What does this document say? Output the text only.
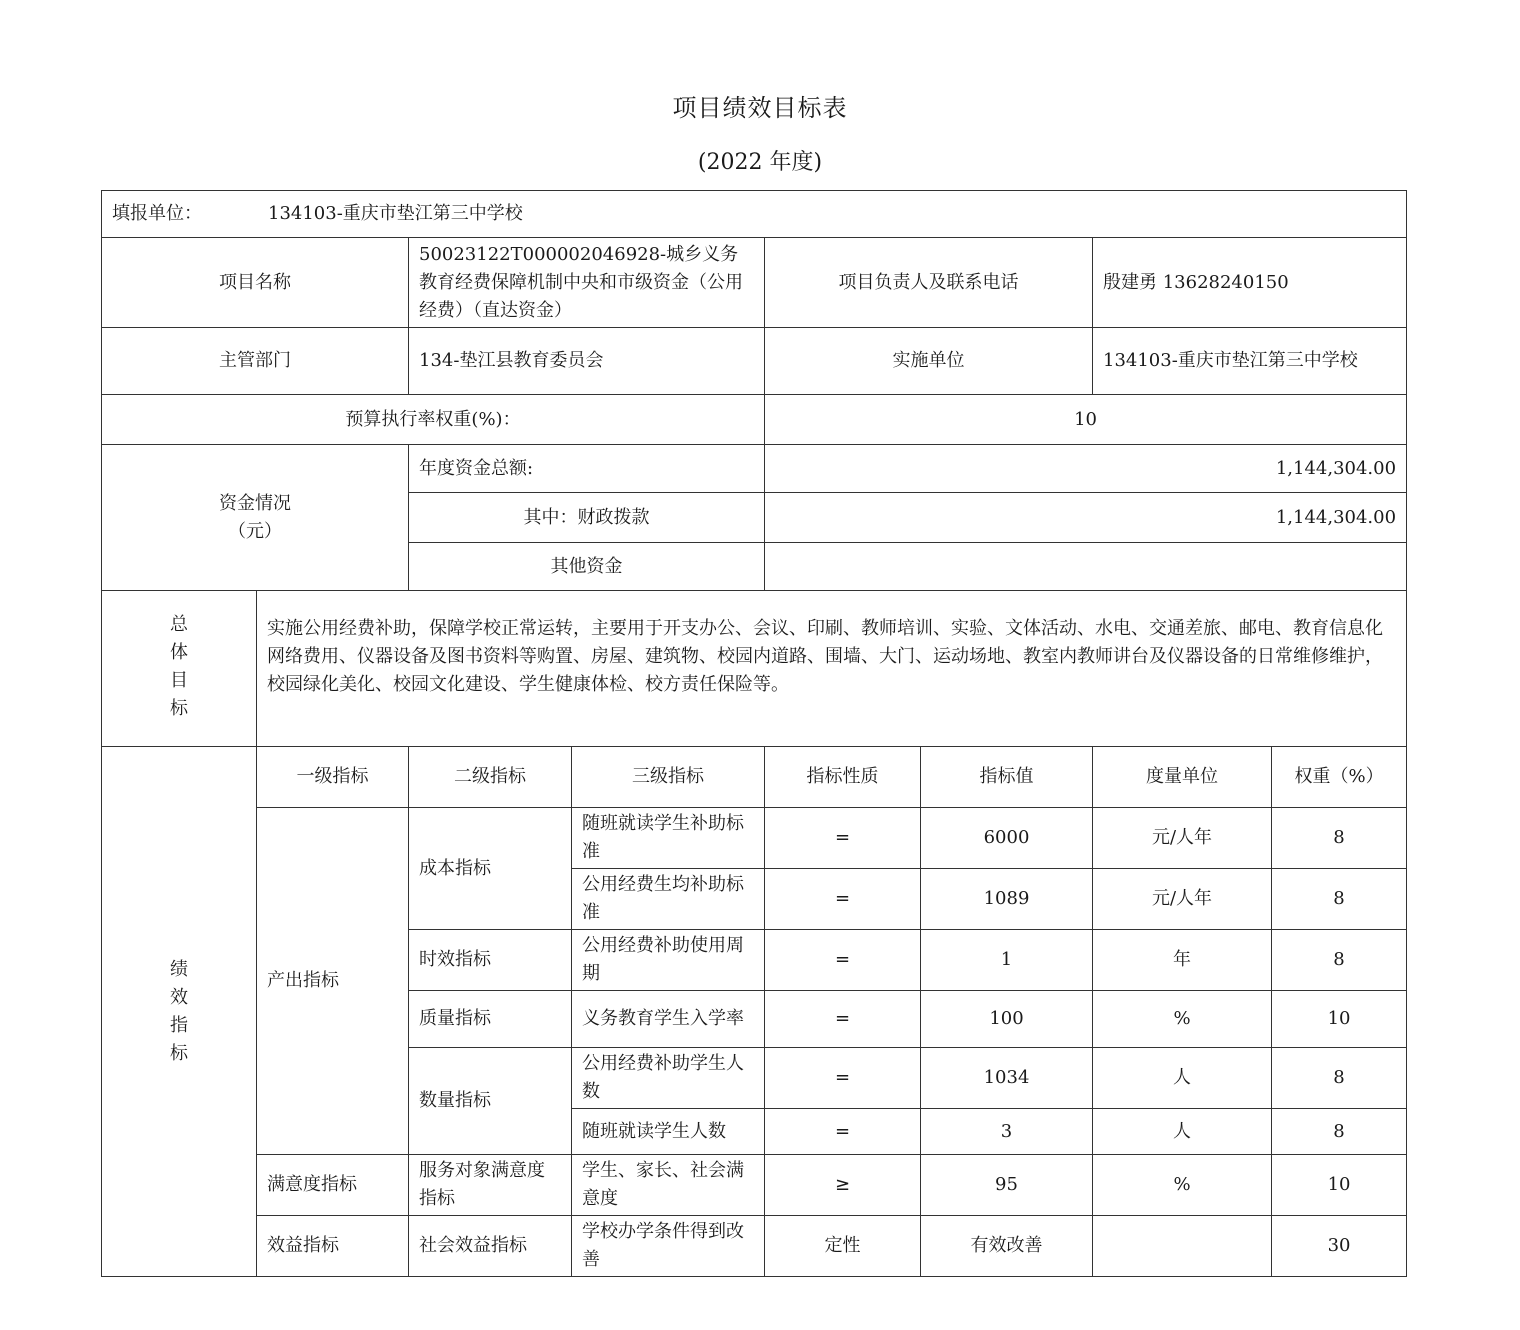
项目绩效目标表
(2022 年度)
填报单位： 134103-重庆市垫江第三中学校							
项目名称		50023122T000002046928-城乡义务教育经费保障机制中央和市级资金（公用经费）（直达资金）		项目负责人及联系电话		殷建勇 13628240150	
主管部门		134-垫江县教育委员会		实施单位		134103-重庆市垫江第三中学校	
预算执行率权重(%)：				10			

资金情况
（元）		年度资金总额:		1,144,304.00			
		其中：财政拨款		1,144,304.00			
		其他资金					

总
体
目
标	实施公用经费补助，保障学校正常运转，主要用于开支办公、会议、印刷、教师培训、实验、文体活动、水电、交通差旅、邮电、教育信息化网络费用、仪器设备及图书资料等购置、房屋、建筑物、校园内道路、围墙、大门、运动场地、教室内教师讲台及仪器设备的日常维修维护，校园绿化美化、校园文化建设、学生健康体检、校方责任保险等。						

绩
效
指
标	一级指标	二级指标	三级指标	指标性质	指标值	度量单位	权重（%）
	产出指标	成本指标	随班就读学生补助标准	=	6000	元/人年	8
			公用经费生均补助标准	=	1089	元/人年	8
		时效指标	公用经费补助使用周期	=	1	年	8
		质量指标	义务教育学生入学率	=	100	%	10
		数量指标	公用经费补助学生人数	=	1034	人	8
			随班就读学生人数	=	3	人	8
	满意度指标	服务对象满意度指标	学生、家长、社会满意度	≥	95	%	10
	效益指标	社会效益指标	学校办学条件得到改善	定性	有效改善		30
